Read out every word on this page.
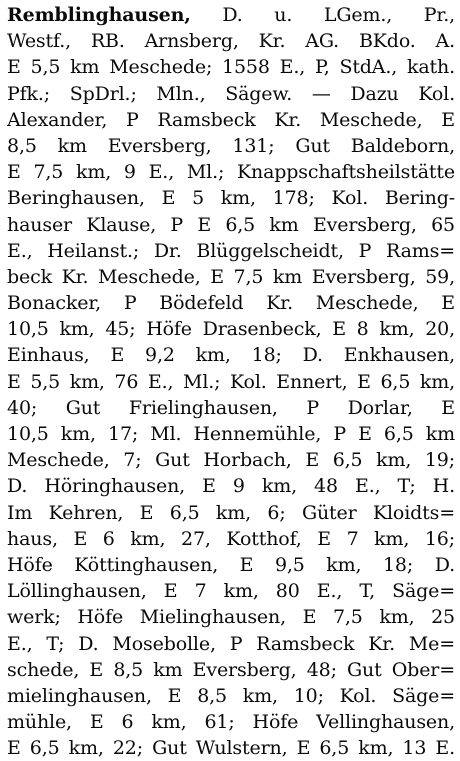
Remblinghausen, D. u. LGem., Pr.,
Westf., RB. Arnsberg, Kr. AG. BKdo. A.
E 5,5 km Meschede; 1558 E., P, StdA., kath.
Pfk.; SpDrl.; Mln., Sägew. — Dazu Kol.
Alexander, P Ramsbeck Kr. Meschede, E
8,5 km Eversberg, 131; Gut Baldeborn,
E 7,5 km, 9 E., Ml.; Knappschaftsheilstätte
Beringhausen, E 5 km, 178; Kol. Bering-
hauser Klause, P E 6,5 km Eversberg, 65
E., Heilanst.; Dr. Blüggelscheidt, P Rams=
beck Kr. Meschede, E 7,5 km Eversberg, 59,
Bonacker, P Bödefeld Kr. Meschede, E
10,5 km, 45; Höfe Drasenbeck, E 8 km, 20,
Einhaus, E 9,2 km, 18; D. Enkhausen,
E 5,5 km, 76 E., Ml.; Kol. Ennert, E 6,5 km,
40; Gut Frielinghausen, P Dorlar, E
10,5 km, 17; Ml. Hennemühle, P E 6,5 km
Meschede, 7; Gut Horbach, E 6,5 km, 19;
D. Höringhausen, E 9 km, 48 E., T; H.
Im Kehren, E 6,5 km, 6; Güter Kloidts=
haus, E 6 km, 27, Kotthof, E 7 km, 16;
Höfe Köttinghausen, E 9,5 km, 18; D.
Löllinghausen, E 7 km, 80 E., T, Säge=
werk; Höfe Mielinghausen, E 7,5 km, 25
E., T; D. Mosebolle, P Ramsbeck Kr. Me=
schede, E 8,5 km Eversberg, 48; Gut Ober=
mielinghausen, E 8,5 km, 10; Kol. Säge=
mühle, E 6 km, 61; Höfe Vellinghausen,
E 6,5 km, 22; Gut Wulstern, E 6,5 km, 13 E.
